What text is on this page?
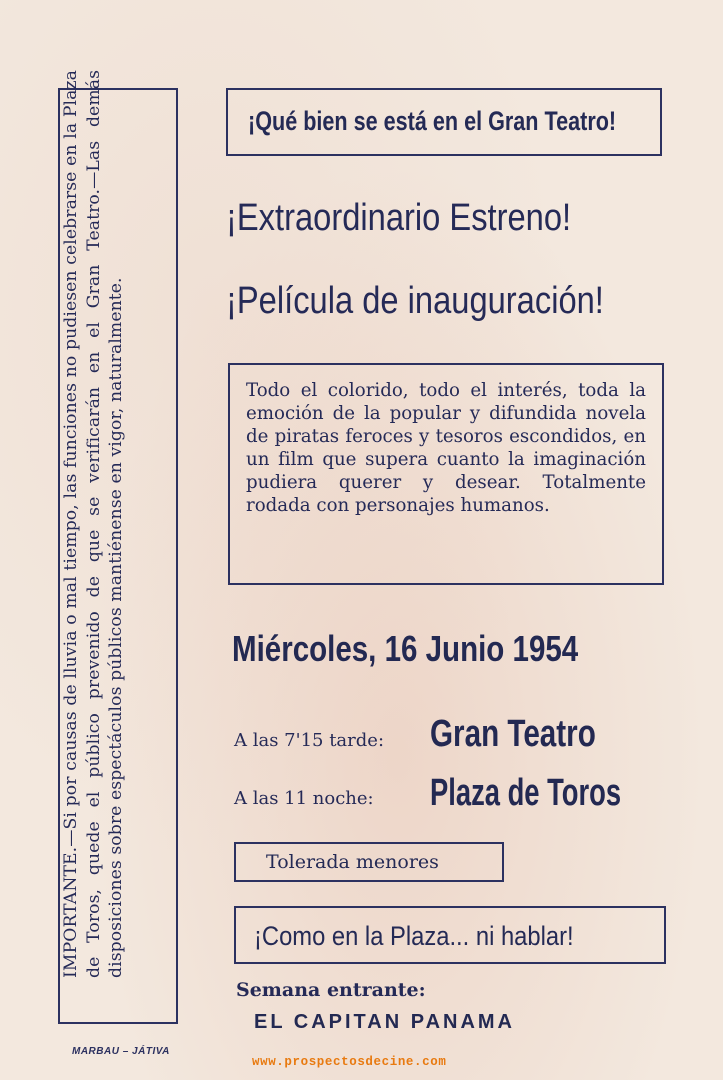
IMPORTANTE.—Si por causas de lluvia o mal tiempo, las funciones no pudiesen celebrarse en la Plaza de Toros, quede el público prevenido de que se verificarán en el Gran Teatro.—Las demás disposiciones sobre espectáculos públicos mantiénense en vigor, naturalmente.
¡Qué bien se está en el Gran Teatro!
¡Extraordinario Estreno!
¡Película de inauguración!

Todo el colorido, todo el interés, toda la emoción de la popular y difundida novela de piratas feroces y tesoros escondidos, en un film que supera cuanto la imaginación pudiera querer y desear. Totalmente rodada con personajes humanos.

Miércoles, 16 Junio 1954
A las 7'15 tarde: Gran Teatro
A las 11 noche: Plaza de Toros
Tolerada menores
¡Como en la Plaza... ni hablar!
Semana entrante:
EL CAPITAN PANAMA
MARBAU – JÁTIVA
www.prospectosdecine.com
